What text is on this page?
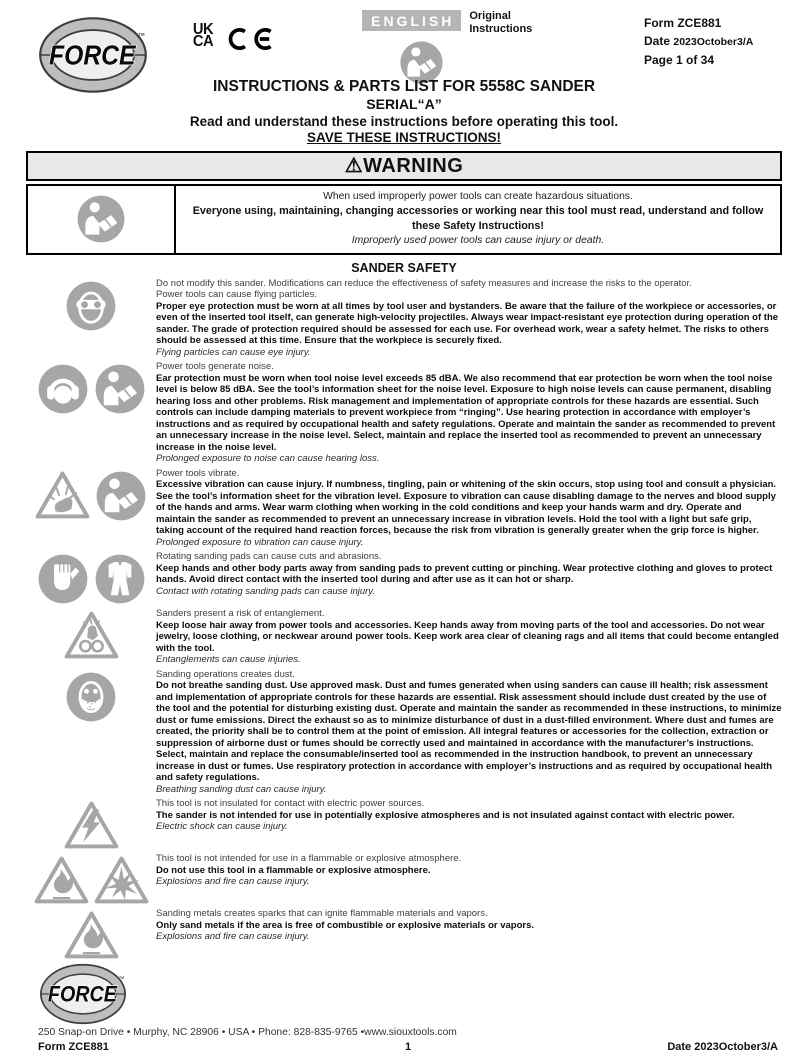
FORCE
™	UK
CA
ENGLISH	Original
Instructions	Form ZCE881
Date 2023October3/A
Page 1 of 34
INSTRUCTIONS & PARTS LIST FOR 5558C SANDER
SERIAL“A”
Read and understand these instructions before operating this tool.
SAVE THESE INSTRUCTIONS!
⚠WARNING
When used improperly power tools can create hazardous situations.
Everyone using, maintaining, changing accessories or working near this tool must read, understand and follow these Safety Instructions!
Improperly used power tools can cause injury or death.
SANDER SAFETY
Do not modify this sander. Modifications can reduce the effectiveness of safety measures and increase the risks to the operator.
Power tools can cause flying particles.
Proper eye protection must be worn at all times by tool user and bystanders. Be aware that the failure of the workpiece or accessories, or even of the inserted tool itself, can generate high-velocity projectiles. Always wear impact-resistant eye protection during operation of the sander. The grade of protection required should be assessed for each use. For overhead work, wear a safety helmet. The risks to others should be assessed at this time. Ensure that the workpiece is securely fixed.
Flying particles can cause eye injury.
Power tools generate noise.
Ear protection must be worn when tool noise level exceeds 85 dBA. We also recommend that ear protection be worn when the tool noise level is below 85 dBA. See the tool’s information sheet for the noise level. Exposure to high noise levels can cause permanent, disabling hearing loss and other problems. Risk management and implementation of appropriate controls for these hazards are essential. Such controls can include damping materials to prevent workpiece from “ringing”. Use hearing protection in accordance with employer’s instructions and as required by occupational health and safety regulations. Operate and maintain the sander as recommended to prevent an unnecessary increase in the noise level. Select, maintain and replace the inserted tool as recommended to prevent an unnecessary increase in the noise level.
Prolonged exposure to noise can cause hearing loss.
Power tools vibrate.
Excessive vibration can cause injury. If numbness, tingling, pain or whitening of the skin occurs, stop using tool and consult a physician. See the tool’s information sheet for the vibration level. Exposure to vibration can cause disabling damage to the nerves and blood supply of the hands and arms. Wear warm clothing when working in the cold conditions and keep your hands warm and dry. Operate and maintain the sander as recommended to prevent an unnecessary increase in vibration levels. Hold the tool with a light but safe grip, taking account of the required hand reaction forces, because the risk from vibration is generally greater when the grip force is higher.
Prolonged exposure to vibration can cause injury.
Rotating sanding pads can cause cuts and abrasions.
Keep hands and other body parts away from sanding pads to prevent cutting or pinching. Wear protective clothing and gloves to protect hands. Avoid direct contact with the inserted tool during and after use as it can hot or sharp.
Contact with rotating sanding pads can cause injury.
Sanders present a risk of entanglement.
Keep loose hair away from power tools and accessories. Keep hands away from moving parts of the tool and accessories. Do not wear jewelry, loose clothing, or neckwear around power tools. Keep work area clear of cleaning rags and all items that could become entangled with the tool.
Entanglements can cause injuries.
Sanding operations creates dust.
Do not breathe sanding dust. Use approved mask. Dust and fumes generated when using sanders can cause ill health; risk assessment and implementation of appropriate controls for these hazards are essential. Risk assessment should include dust created by the use of the tool and the potential for disturbing existing dust. Operate and maintain the sander as recommended in these instructions, to minimize dust or fume emissions. Direct the exhaust so as to minimize disturbance of dust in a dust-filled environment. Where dust and fumes are created, the priority shall be to control them at the point of emission. All integral features or accessories for the collection, extraction or suppression of airborne dust or fumes should be correctly used and maintained in accordance with the manufacturer’s instructions. Select, maintain and replace the consumable/inserted tool as recommended in the instruction handbook, to prevent an unnecessary increase in dust or fumes. Use respiratory protection in accordance with employer’s instructions and as required by occupational health and safety regulations.
Breathing sanding dust can cause injury.
This tool is not insulated for contact with electric power sources.
The sander is not intended for use in potentially explosive atmospheres and is not insulated against contact with electric power.
Electric shock can cause injury.
This tool is not intended for use in a flammable or explosive atmosphere.
Do not use this tool in a flammable or explosive atmosphere.
Explosions and fire can cause injury.
Sanding metals creates sparks that can ignite flammable materials and vapors.
Only sand metals if the area is free of combustible or explosive materials or vapors.
Explosions and fire can cause injury.
FORCE
™
250 Snap-on Drive • Murphy, NC 28906 • USA • Phone: 828-835-9765 •www.siouxtools.com
Form ZCE881	1	Date 2023October3/A
